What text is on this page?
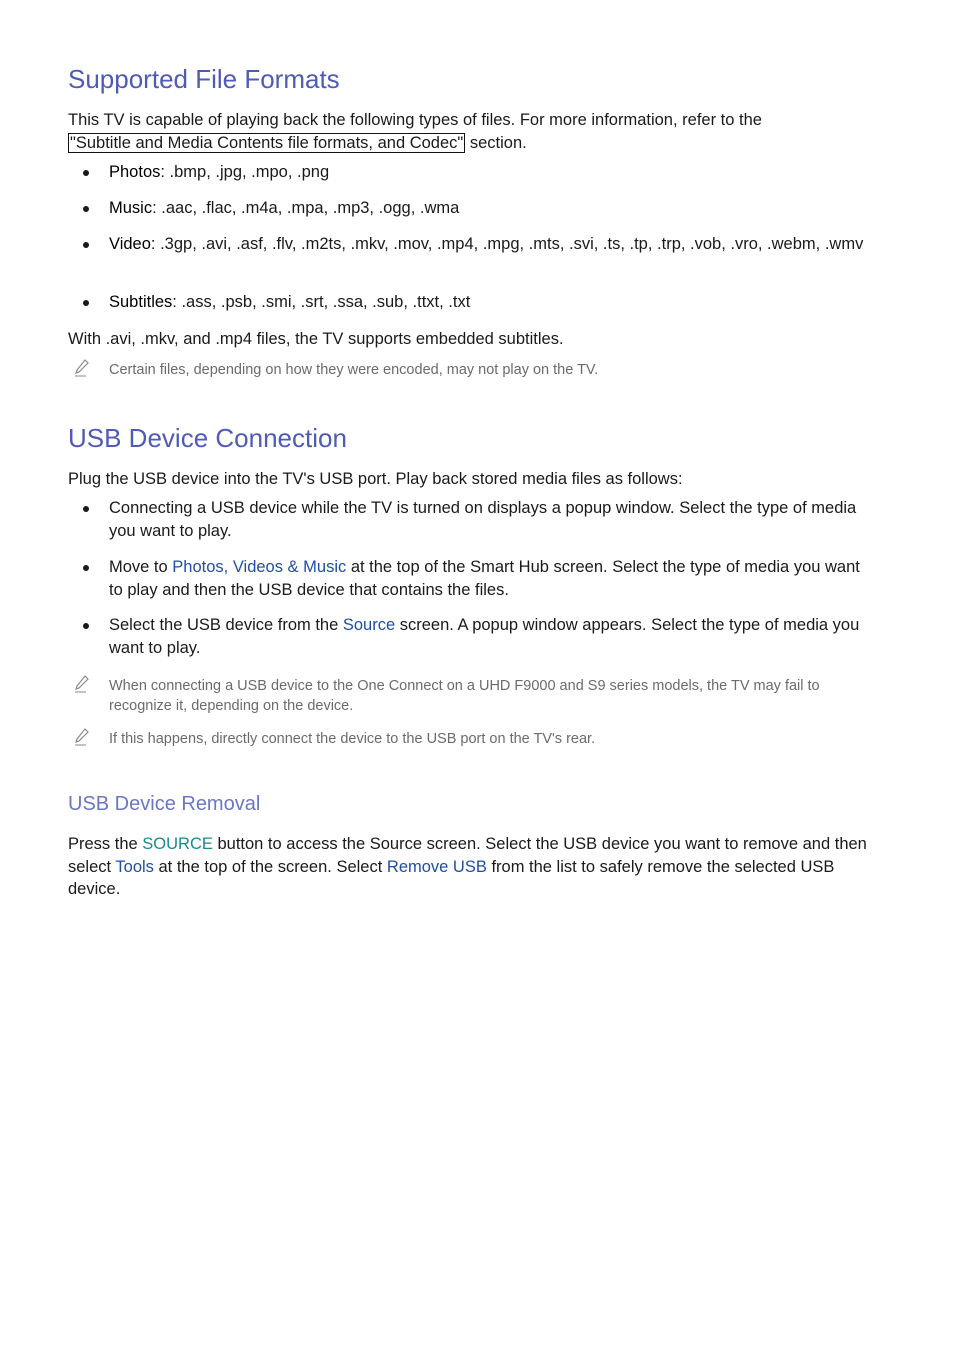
Supported File Formats

This TV is capable of playing back the following types of files. For more information, refer to the
"Subtitle and Media Contents file formats, and Codec" section.

Photos: .bmp, .jpg, .mpo, .png
Music: .aac, .flac, .m4a, .mpa, .mp3, .ogg, .wma
Video: .3gp, .avi, .asf, .flv, .m2ts, .mkv, .mov, .mp4, .mpg, .mts, .svi, .ts, .tp, .trp, .vob, .vro, .webm, .wmv
Subtitles: .ass, .psb, .smi, .srt, .ssa, .sub, .ttxt, .txt

With .avi, .mkv, and .mp4 files, the TV supports embedded subtitles.

Certain files, depending on how they were encoded, may not play on the TV.
USB Device Connection

Plug the USB device into the TV's USB port. Play back stored media files as follows:

Connecting a USB device while the TV is turned on displays a popup window. Select the type of media you want to play.
Move to Photos, Videos & Music at the top of the Smart Hub screen. Select the type of media you want to play and then the USB device that contains the files.
Select the USB device from the Source screen. A popup window appears. Select the type of media you want to play.
When connecting a USB device to the One Connect on a UHD F9000 and S9 series models, the TV may fail to recognize it, depending on the device.
If this happens, directly connect the device to the USB port on the TV's rear.
USB Device Removal

Press the SOURCE button to access the Source screen. Select the USB device you want to remove and then select Tools at the top of the screen. Select Remove USB from the list to safely remove the selected USB device.
